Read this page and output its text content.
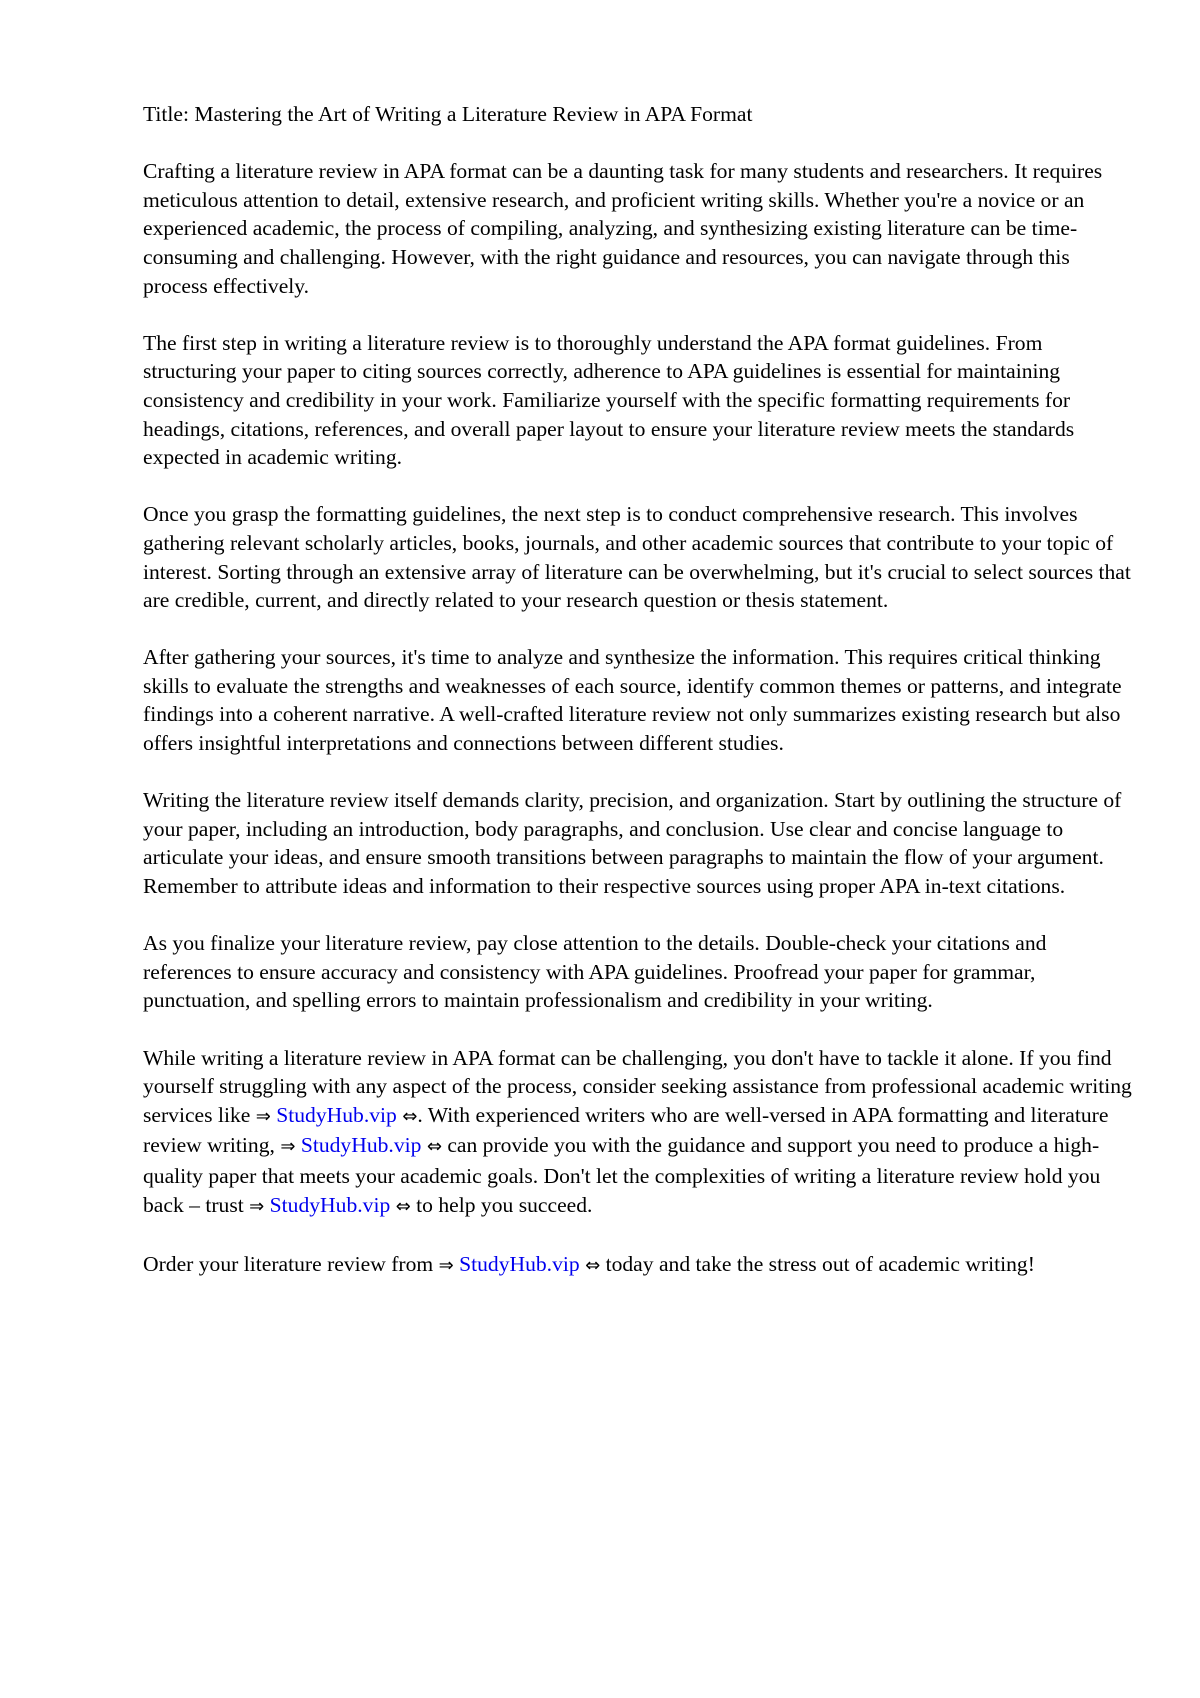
Title: Mastering the Art of Writing a Literature Review in APA Format

Crafting a literature review in APA format can be a daunting task for many students and researchers. It requires meticulous attention to detail, extensive research, and proficient writing skills. Whether you're a novice or an experienced academic, the process of compiling, analyzing, and synthesizing existing literature can be time-consuming and challenging. However, with the right guidance and resources, you can navigate through this process effectively.

The first step in writing a literature review is to thoroughly understand the APA format guidelines. From structuring your paper to citing sources correctly, adherence to APA guidelines is essential for maintaining consistency and credibility in your work. Familiarize yourself with the specific formatting requirements for headings, citations, references, and overall paper layout to ensure your literature review meets the standards expected in academic writing.

Once you grasp the formatting guidelines, the next step is to conduct comprehensive research. This involves gathering relevant scholarly articles, books, journals, and other academic sources that contribute to your topic of interest. Sorting through an extensive array of literature can be overwhelming, but it's crucial to select sources that are credible, current, and directly related to your research question or thesis statement.

After gathering your sources, it's time to analyze and synthesize the information. This requires critical thinking skills to evaluate the strengths and weaknesses of each source, identify common themes or patterns, and integrate findings into a coherent narrative. A well-crafted literature review not only summarizes existing research but also offers insightful interpretations and connections between different studies.

Writing the literature review itself demands clarity, precision, and organization. Start by outlining the structure of your paper, including an introduction, body paragraphs, and conclusion. Use clear and concise language to articulate your ideas, and ensure smooth transitions between paragraphs to maintain the flow of your argument. Remember to attribute ideas and information to their respective sources using proper APA in-text citations.

As you finalize your literature review, pay close attention to the details. Double-check your citations and references to ensure accuracy and consistency with APA guidelines. Proofread your paper for grammar, punctuation, and spelling errors to maintain professionalism and credibility in your writing.

While writing a literature review in APA format can be challenging, you don't have to tackle it alone. If you find yourself struggling with any aspect of the process, consider seeking assistance from professional academic writing services like ⇒ StudyHub.vip ⇔. With experienced writers who are well-versed in APA formatting and literature review writing, ⇒ StudyHub.vip ⇔ can provide you with the guidance and support you need to produce a high-quality paper that meets your academic goals. Don't let the complexities of writing a literature review hold you back – trust ⇒ StudyHub.vip ⇔ to help you succeed.

Order your literature review from ⇒ StudyHub.vip ⇔ today and take the stress out of academic writing!
